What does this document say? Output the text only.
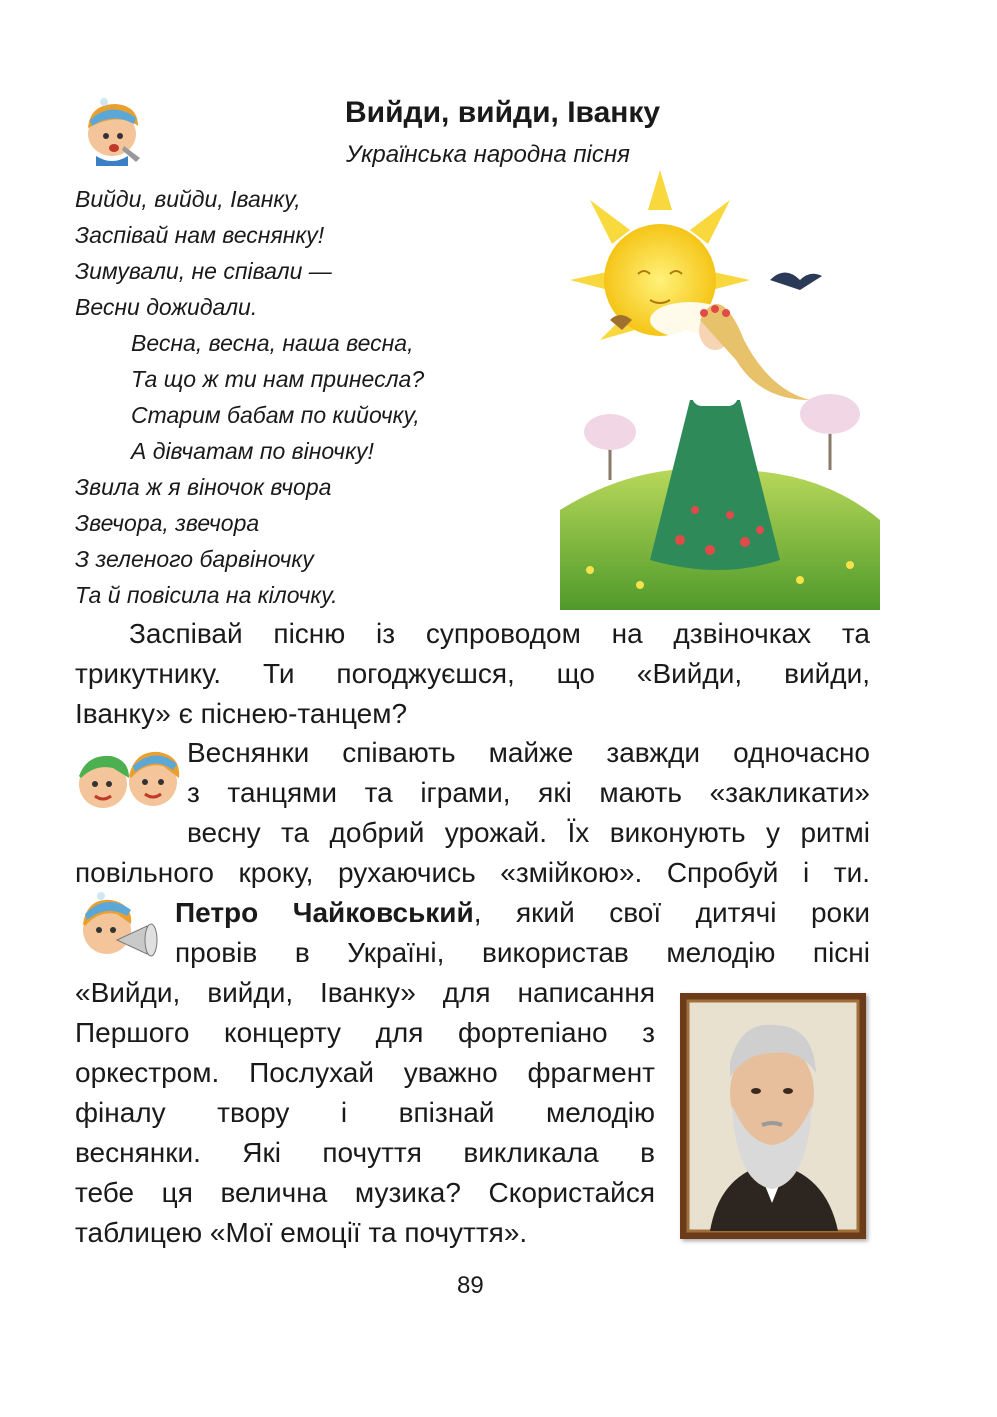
Вийди, вийди, Іванку
Українська народна пісня
Вийди, вийди, Іванку,
Заспівай нам веснянку!
Зимували, не співали —
Весни дожидали.
Весна, весна, наша весна,
Та що ж ти нам принесла?
Старим бабам по кийочку,
А дівчатам по віночку!
Звила ж я віночок вчора
Звечора, звечора
З зеленого барвіночку
Та й повісила на кілочку.
Заспівай пісню із супроводом на дзвіночках та
трикутнику. Ти погоджуєшся, що «Вийди, вийди,
Іванку» є піснею-танцем?
Веснянки співають майже завжди одночасно
з танцями та іграми, які мають «закликати»
весну та добрий урожай. Їх виконують у ритмі
повільного кроку, рухаючись «змійкою». Спробуй і ти.
Петро Чайковський, який свої дитячі роки
провів в Україні, використав мелодію пісні
«Вийди, вийди, Іванку» для написання
Першого концерту для фортепіано з
оркестром. Послухай уважно фрагмент
фіналу твору і впізнай мелодію
веснянки. Які почуття викликала в
тебе ця велична музика? Скористайся
таблицею «Мої емоції та почуття».
89
